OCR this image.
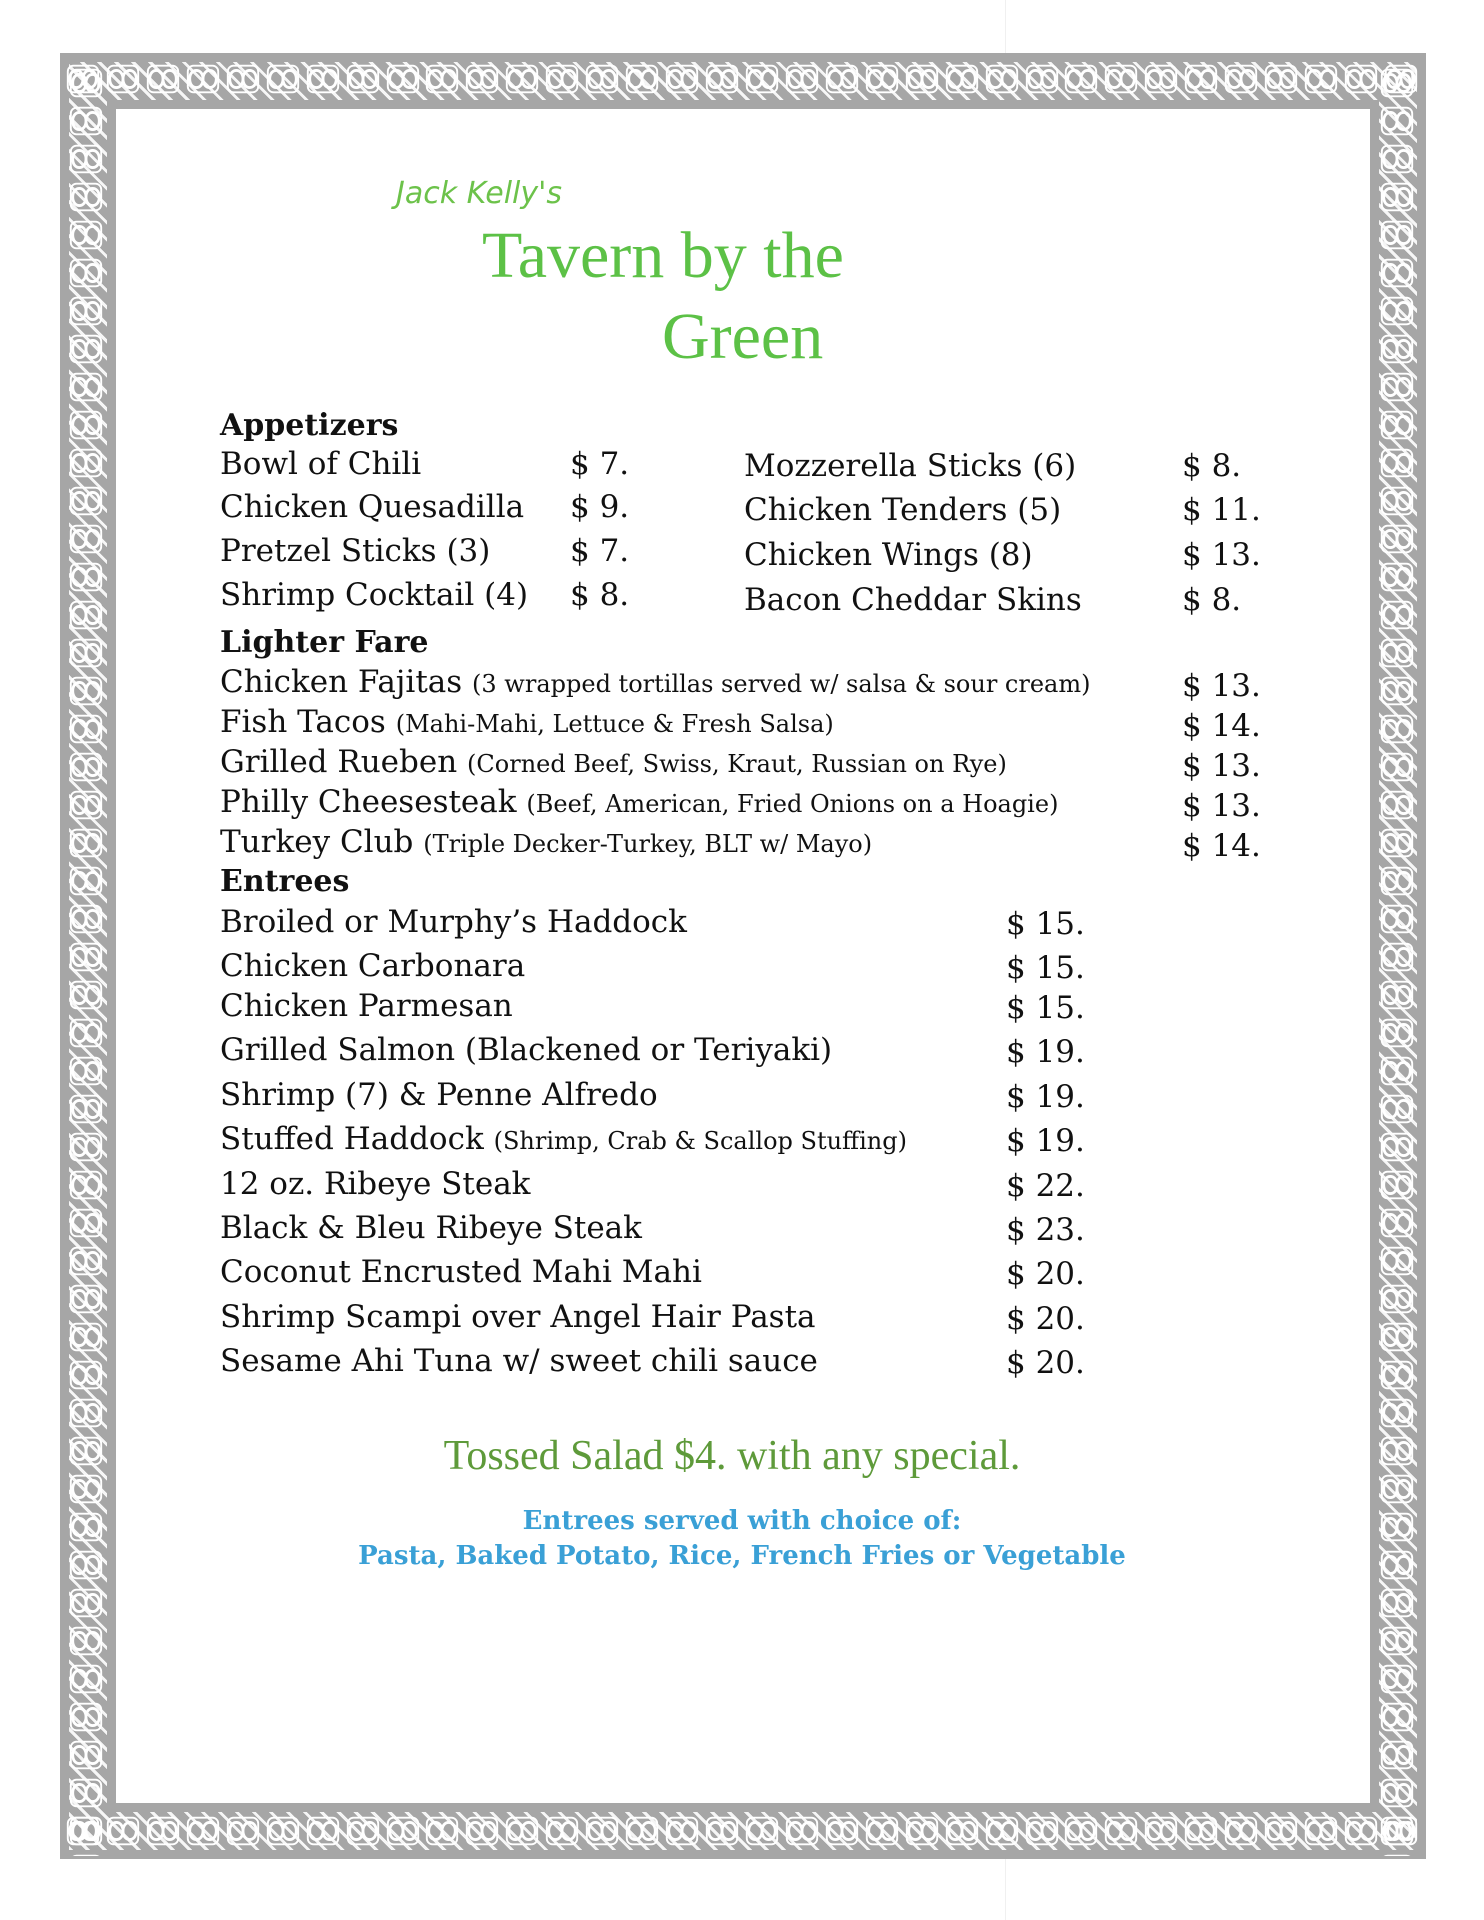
Jack Kelly's
Tavern by the
Green
Appetizers
Bowl of Chili	$ 7.
Chicken Quesadilla $ 9.
Pretzel Sticks (3)	$ 7.
Shrimp Cocktail (4) $ 8.
Mozzerella Sticks (6)	$ 8.
Chicken Tenders (5)	$ 11.
Chicken Wings (8)	$ 13.
Bacon Cheddar Skins	$ 8.
Lighter Fare
Chicken Fajitas (3 wrapped tortillas served w/ salsa & sour cream)	$ 13.
Fish Tacos (Mahi-Mahi, Lettuce & Fresh Salsa)	$ 14.
Grilled Rueben (Corned Beef, Swiss, Kraut, Russian on Rye)	$ 13.
Philly Cheesesteak (Beef, American, Fried Onions on a Hoagie)	$ 13.
Turkey Club (Triple Decker-Turkey, BLT w/ Mayo)	$ 14.
Entrees
Broiled or Murphy’s Haddock	$ 15.
Chicken Carbonara	$ 15.
Chicken Parmesan	$ 15.
Grilled Salmon (Blackened or Teriyaki)	$ 19.
Shrimp (7) & Penne Alfredo	$ 19.
Stuffed Haddock (Shrimp, Crab & Scallop Stuffing)	$ 19.
12 oz. Ribeye Steak	$ 22.
Black & Bleu Ribeye Steak	$ 23.
Coconut Encrusted Mahi Mahi	$ 20.
Shrimp Scampi over Angel Hair Pasta	$ 20.
Sesame Ahi Tuna w/ sweet chili sauce	$ 20.
Tossed Salad $4. with any special.
Entrees served with choice of:
Pasta, Baked Potato, Rice, French Fries or Vegetable
